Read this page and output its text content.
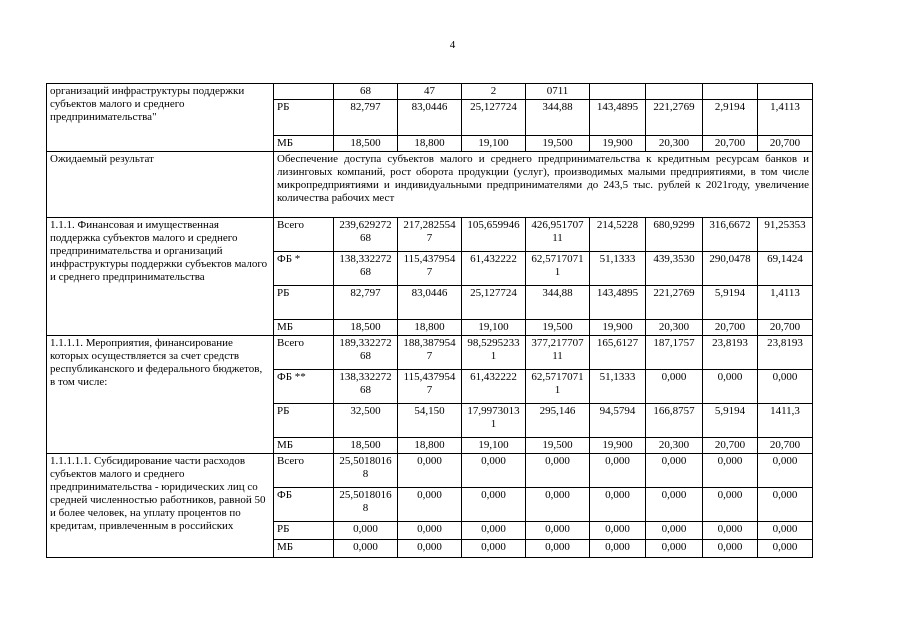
4
организаций инфраструктуры поддержки субъектов малого и среднего предпринимательства"		68	47	2	0711				
	РБ	82,797	83,0446	25,127724	344,88	143,4895	221,2769	2,9194	1,4113
	МБ	18,500	18,800	19,100	19,500	19,900	20,300	20,700	20,700
Ожидаемый результат	Обеспечение доступа субъектов малого и среднего предпринимательства к кредитным ресурсам банков и лизинговых компаний, рост оборота продукции (услуг), производимых малыми предприятиями, в том числе микропредприятиями и индивидуальными предпринимателями до 243,5 тыс. рублей к 2021году, увеличение количества рабочих мест								
1.1.1. Финансовая и имущественная поддержка субъектов малого и среднего предпринимательства и организаций инфраструктуры поддержки субъектов малого и среднего предпринимательства	Всего	239,62927268	217,2825547	105,659946	426,95170711	214,5228	680,9299	316,6672	91,25353
	ФБ *	138,33227268	115,4379547	61,432222	62,57170711	51,1333	439,3530	290,0478	69,1424
	РБ	82,797	83,0446	25,127724	344,88	143,4895	221,2769	5,9194	1,4113
	МБ	18,500	18,800	19,100	19,500	19,900	20,300	20,700	20,700
1.1.1.1. Мероприятия, финансирование которых осуществляется за счет средств республиканского и федерального бюджетов, в том числе:	Всего	189,33227268	188,3879547	98,52952331	377,21770711	165,6127	187,1757	23,8193	23,8193
	ФБ **	138,33227268	115,4379547	61,432222	62,57170711	51,1333	0,000	0,000	0,000
	РБ	32,500	54,150	17,99730131	295,146	94,5794	166,8757	5,9194	1411,3
	МБ	18,500	18,800	19,100	19,500	19,900	20,300	20,700	20,700
1.1.1.1.1. Субсидирование части расходов субъектов малого и среднего предпринимательства - юридических лиц со средней численностью работников, равной 50 и более человек, на уплату процентов по кредитам, привлеченным в российских	Всего	25,50180168	0,000	0,000	0,000	0,000	0,000	0,000	0,000
	ФБ	25,50180168	0,000	0,000	0,000	0,000	0,000	0,000	0,000
	РБ	0,000	0,000	0,000	0,000	0,000	0,000	0,000	0,000
	МБ	0,000	0,000	0,000	0,000	0,000	0,000	0,000	0,000
